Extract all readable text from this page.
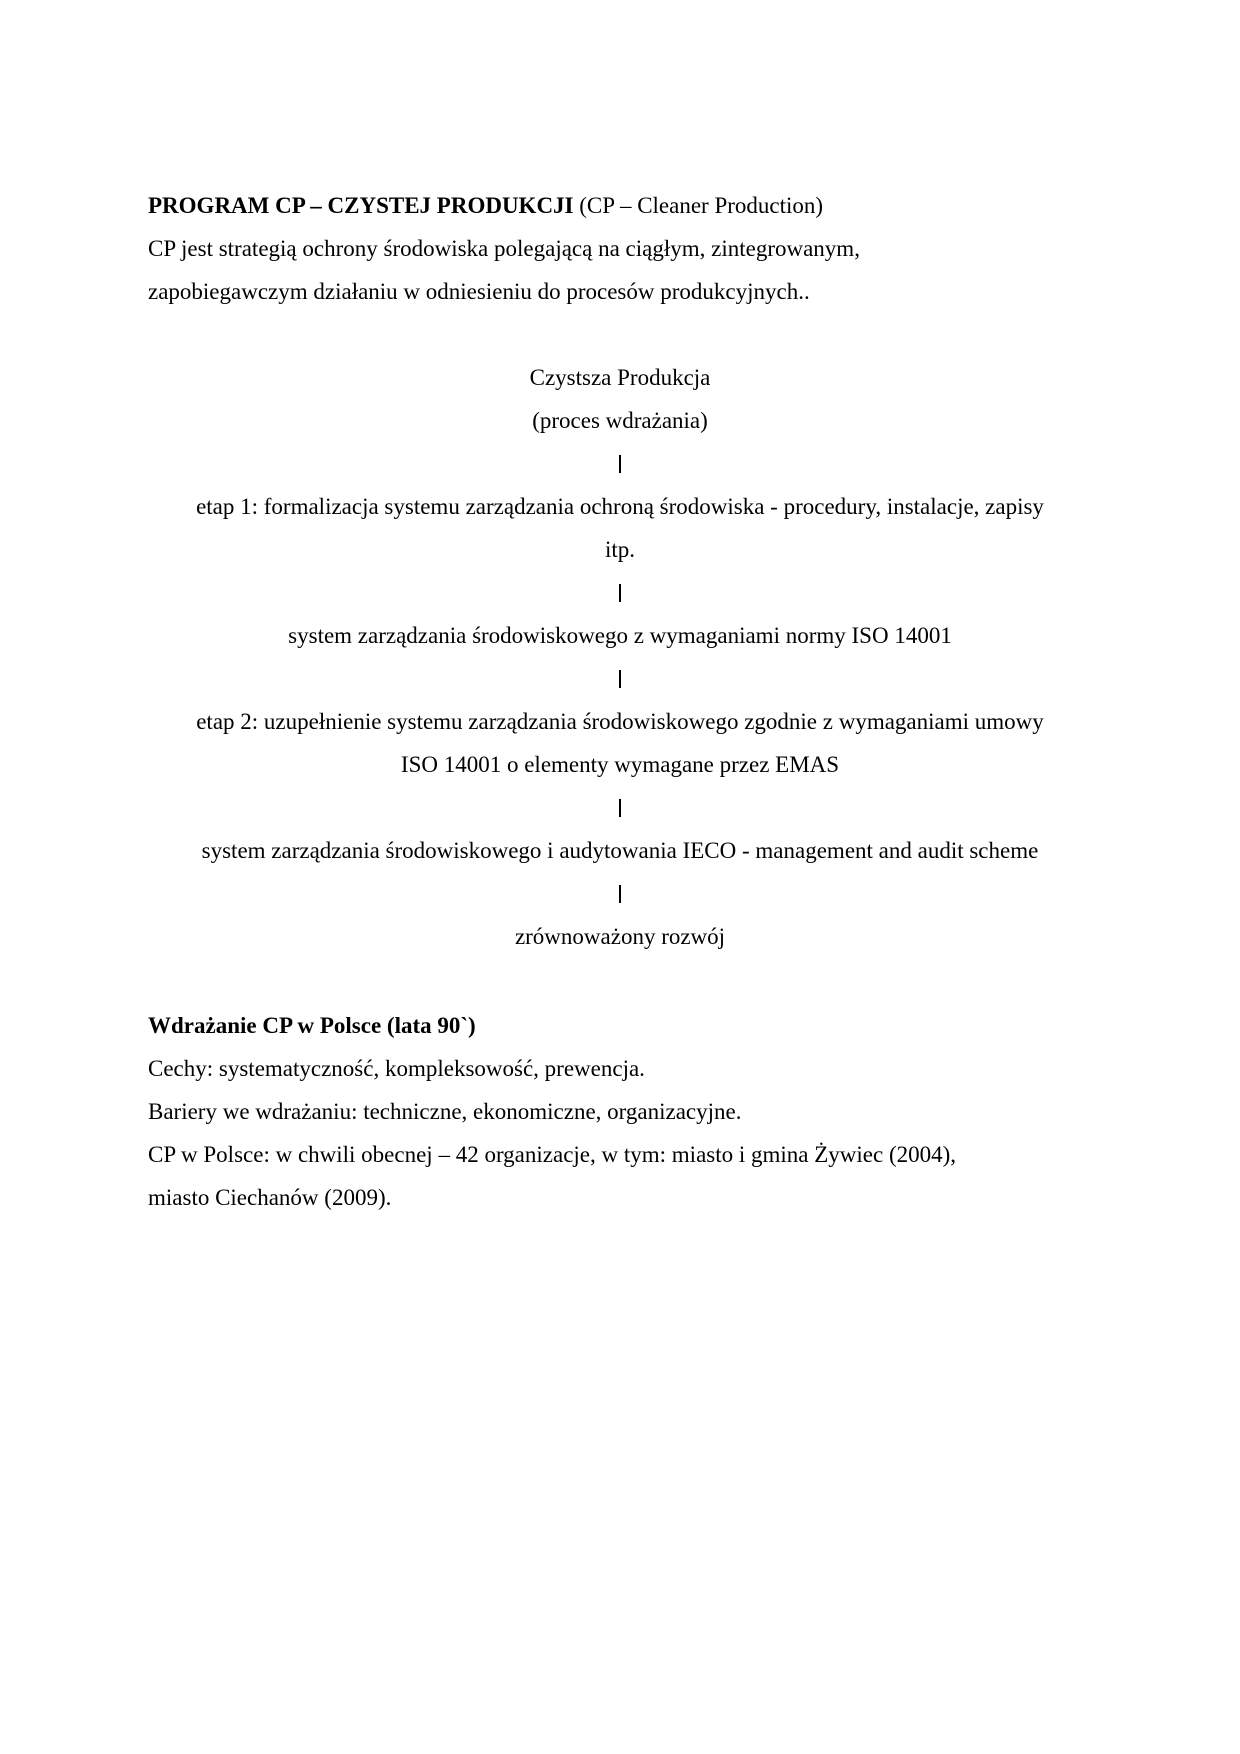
PROGRAM CP – CZYSTEJ PRODUKCJI (CP – Cleaner Production)

CP jest strategią ochrony środowiska polegającą na ciągłym, zintegrowanym,

zapobiegawczym działaniu w odniesieniu do procesów produkcyjnych..

Czystsza Produkcja

(proces wdrażania)

etap 1: formalizacja systemu zarządzania ochroną środowiska - procedury, instalacje, zapisy

itp.

system zarządzania środowiskowego z wymaganiami normy ISO 14001

etap 2: uzupełnienie systemu zarządzania środowiskowego zgodnie z wymaganiami umowy

ISO 14001 o elementy wymagane przez EMAS

system zarządzania środowiskowego i audytowania IECO - management and audit scheme

zrównoważony rozwój

Wdrażanie CP w Polsce (lata 90`)

Cechy: systematyczność, kompleksowość, prewencja.

Bariery we wdrażaniu: techniczne, ekonomiczne, organizacyjne.

CP w Polsce: w chwili obecnej – 42 organizacje, w tym: miasto i gmina Żywiec (2004),

miasto Ciechanów (2009).
